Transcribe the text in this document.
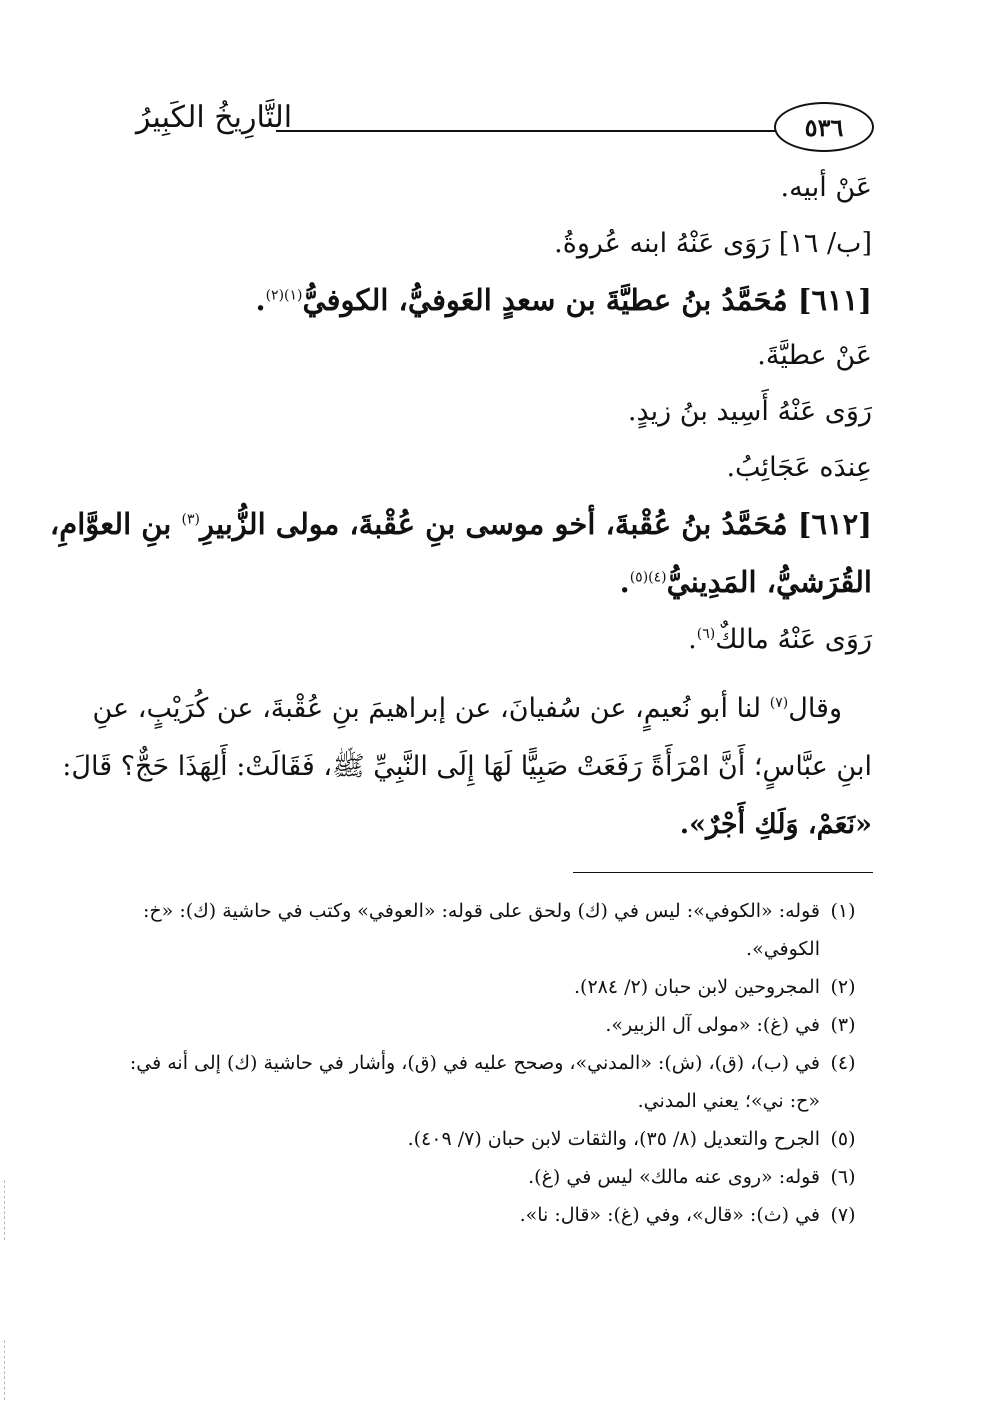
التَّارِيخُ الكَبِيرُ	٥٣٦
عَنْ أبيه.
[ب/ ١٦] رَوَى عَنْهُ ابنه عُروةُ.
[٦١١] مُحَمَّدُ بنُ عطيَّةَ بن سعدٍ العَوفيُّ، الكوفيُّ$^{(١)(٢)}$.
عَنْ عطيَّةَ.
رَوَى عَنْهُ أَسِيد بنُ زيدٍ.
عِندَه عَجَائِبُ.
[٦١٢] مُحَمَّدُ بنُ عُقْبةَ، أخو موسى بنِ عُقْبةَ، مولى الزُّبيرِ$^{(٣)}$ بنِ العوَّامِ،
القُرَشيُّ، المَدِينيُّ$^{(٤)(٥)}$.
رَوَى عَنْهُ مالكٌ$^{(٦)}$.
وقال$^{(٧)}$ لنا أبو نُعيمٍ، عن سُفيانَ، عن إبراهيمَ بنِ عُقْبةَ، عن كُرَيْبٍ، عنِ
ابنِ عبَّاسٍ؛ أَنَّ امْرَأَةً رَفَعَتْ صَبِيًّا لَهَا إِلَى النَّبِيِّ ﷺ، فَقَالَتْ: أَلِهَذَا حَجٌّ؟ قَالَ:
«نَعَمْ، وَلَكِ أَجْرٌ».
(١)
قوله: «الكوفي»: ليس في (ك) ولحق على قوله: «العوفي» وكتب في حاشية (ك): «خ:
الكوفي».
(٢)
المجروحين لابن حبان (٢/ ٢٨٤).
(٣)
في (غ): «مولى آل الزبير».
(٤)
في (ب)، (ق)، (ش): «المدني»، وصحح عليه في (ق)، وأشار في حاشية (ك) إلى أنه في:
«ح: ني»؛ يعني المدني.
(٥)
الجرح والتعديل (٨/ ٣٥)، والثقات لابن حبان (٧/ ٤٠٩).
(٦)
قوله: «روى عنه مالك» ليس في (غ).
(٧)
في (ث): «قال»، وفي (غ): «قال: نا».
